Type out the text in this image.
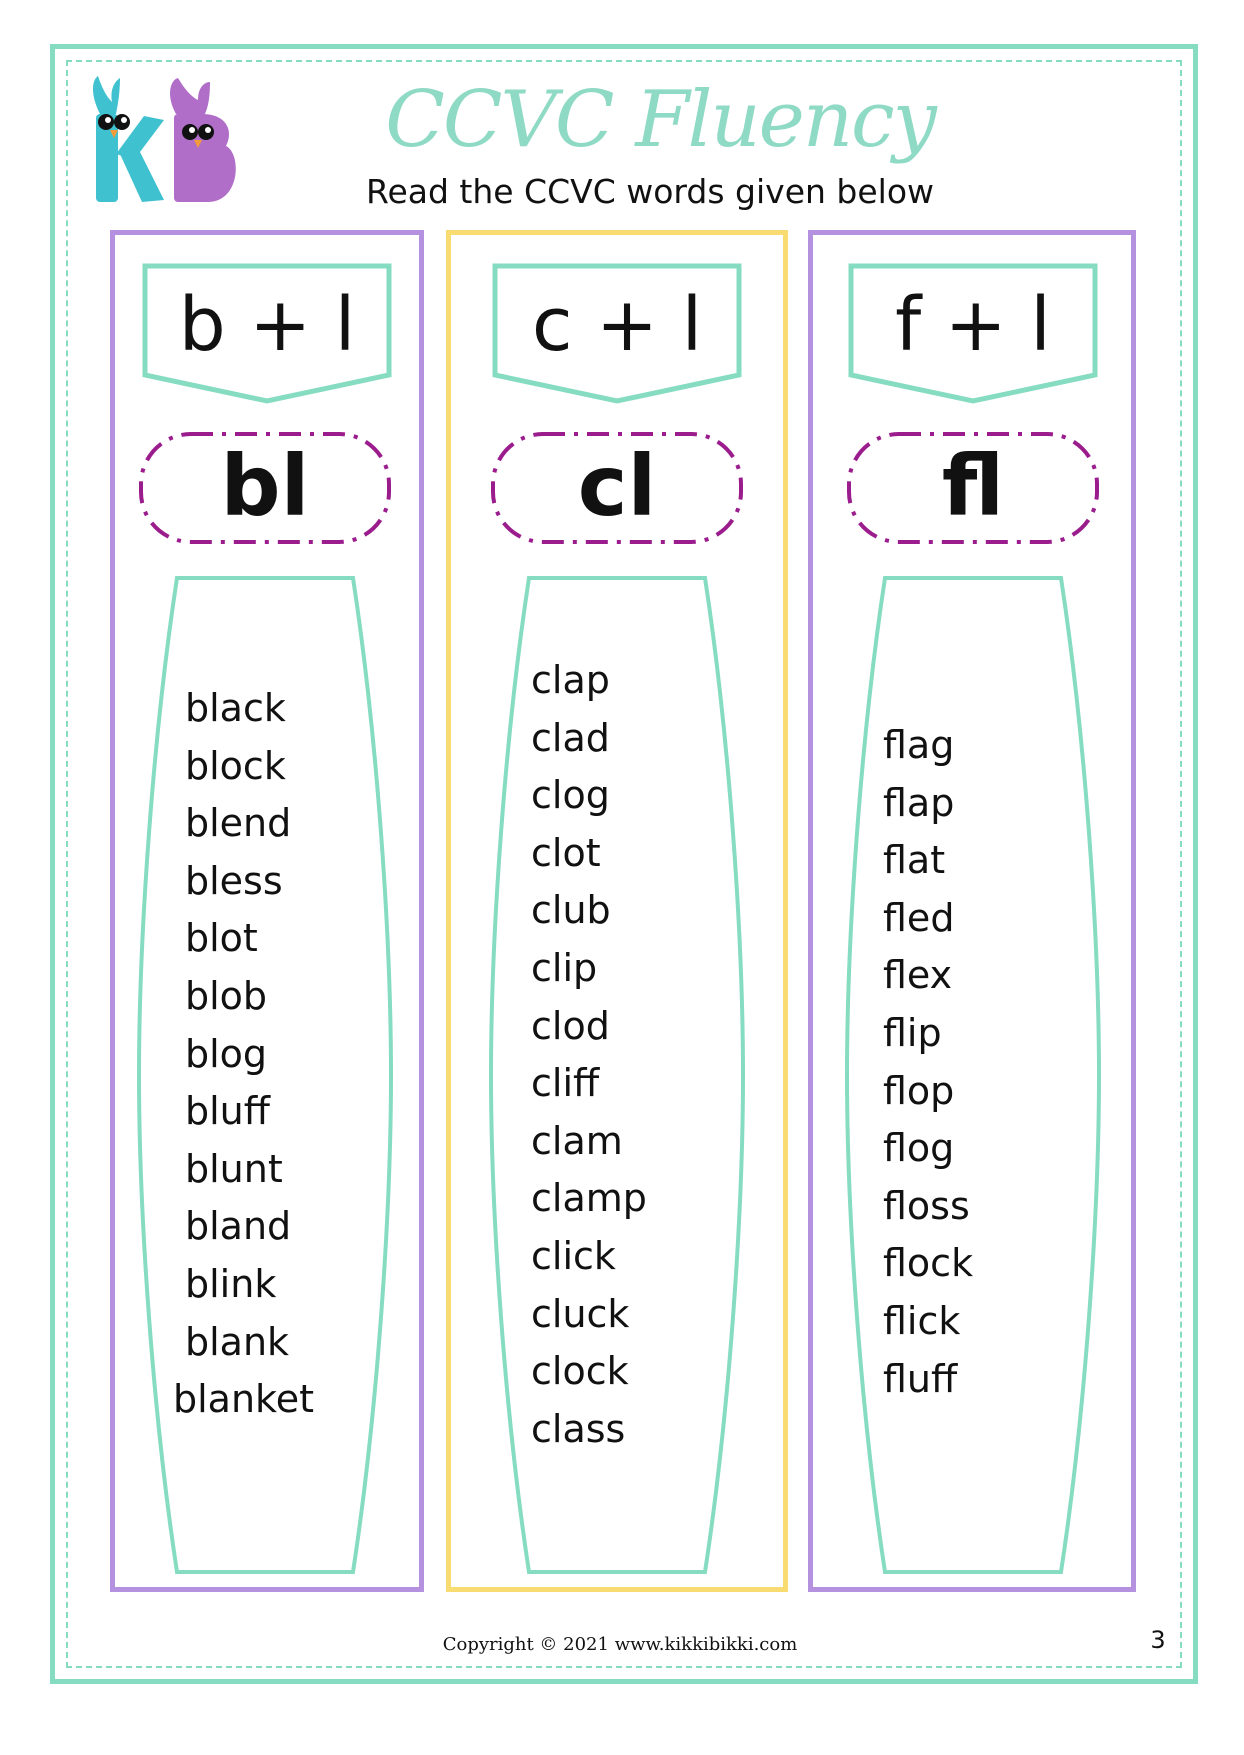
CCVC Fluency
Read the CCVC words given below
b + l
bl
black
block
blend
bless
blot
blob
blog
bluff
blunt
bland
blink
blank
blanket
c + l
cl
clap
clad
clog
clot
club
clip
clod
cliff
clam
clamp
click
cluck
clock
class
f + l
fl
flag
flap
flat
fled
flex
flip
flop
flog
floss
flock
flick
fluff
Copyright © 2021 www.kikkibikki.com	3
